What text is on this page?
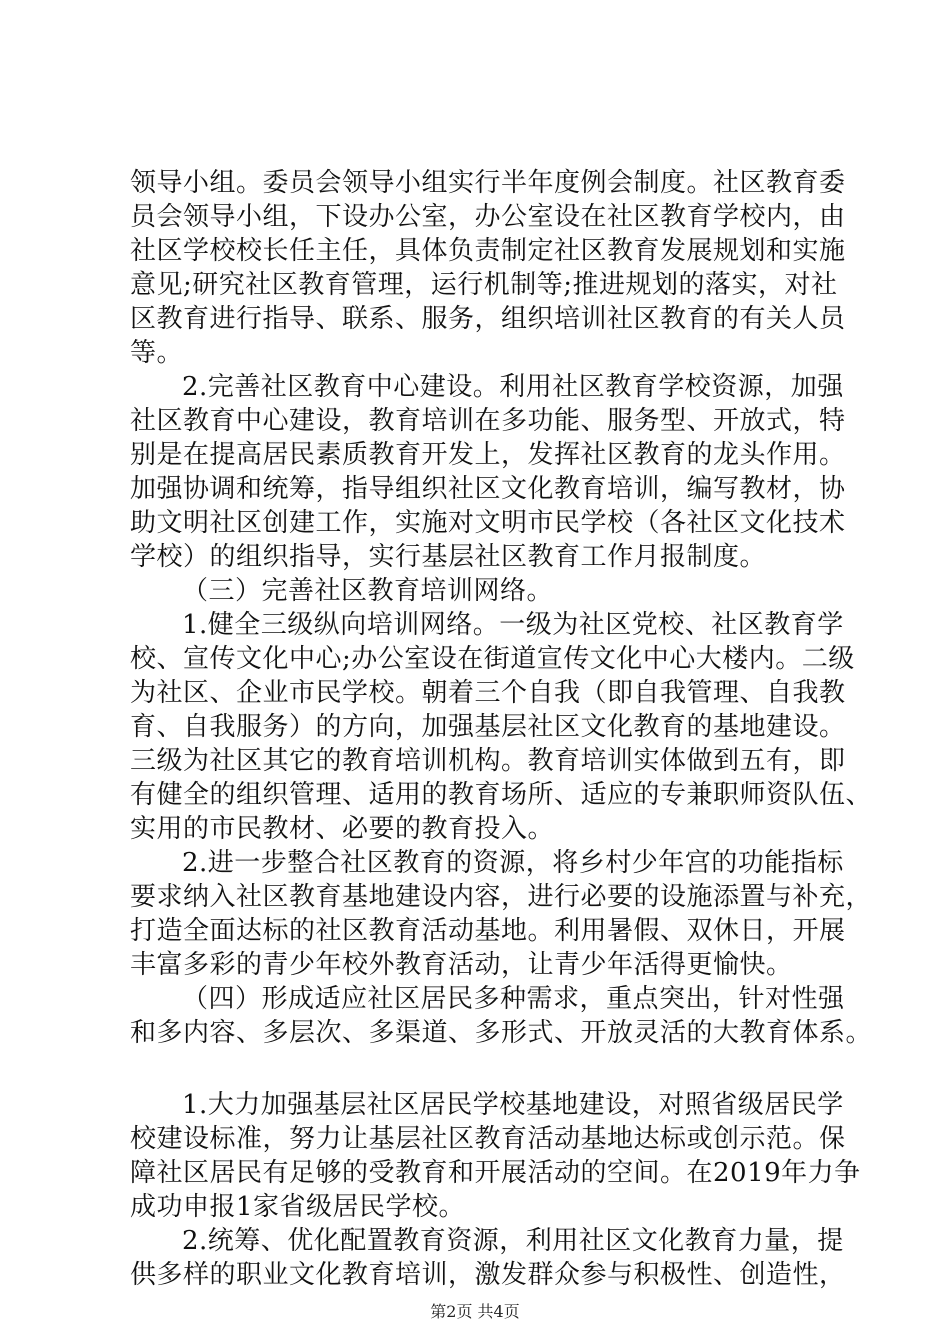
领导小组。委员会领导小组实行半年度例会制度。社区教育委
员会领导小组，下设办公室，办公室设在社区教育学校内，由
社区学校校长任主任，具体负责制定社区教育发展规划和实施
意见;研究社区教育管理，运行机制等;推进规划的落实，对社
区教育进行指导、联系、服务，组织培训社区教育的有关人员
等。
2.完善社区教育中心建设。利用社区教育学校资源，加强
社区教育中心建设，教育培训在多功能、服务型、开放式，特
别是在提高居民素质教育开发上，发挥社区教育的龙头作用。
加强协调和统筹，指导组织社区文化教育培训，编写教材，协
助文明社区创建工作，实施对文明市民学校（各社区文化技术
学校）的组织指导，实行基层社区教育工作月报制度。
（三）完善社区教育培训网络。
1.健全三级纵向培训网络。一级为社区党校、社区教育学
校、宣传文化中心;办公室设在街道宣传文化中心大楼内。二级
为社区、企业市民学校。朝着三个自我（即自我管理、自我教
育、自我服务）的方向，加强基层社区文化教育的基地建设。
三级为社区其它的教育培训机构。教育培训实体做到五有，即
有健全的组织管理、适用的教育场所、适应的专兼职师资队伍、
实用的市民教材、必要的教育投入。
2.进一步整合社区教育的资源，将乡村少年宫的功能指标
要求纳入社区教育基地建设内容，进行必要的设施添置与补充，
打造全面达标的社区教育活动基地。利用暑假、双休日，开展
丰富多彩的青少年校外教育活动，让青少年活得更愉快。
（四）形成适应社区居民多种需求，重点突出，针对性强
和多内容、多层次、多渠道、多形式、开放灵活的大教育体系。
1.大力加强基层社区居民学校基地建设，对照省级居民学
校建设标准，努力让基层社区教育活动基地达标或创示范。保
障社区居民有足够的受教育和开展活动的空间。在2019年力争
成功申报1家省级居民学校。
2.统筹、优化配置教育资源，利用社区文化教育力量，提
供多样的职业文化教育培训，激发群众参与积极性、创造性，
第2页 共4页
